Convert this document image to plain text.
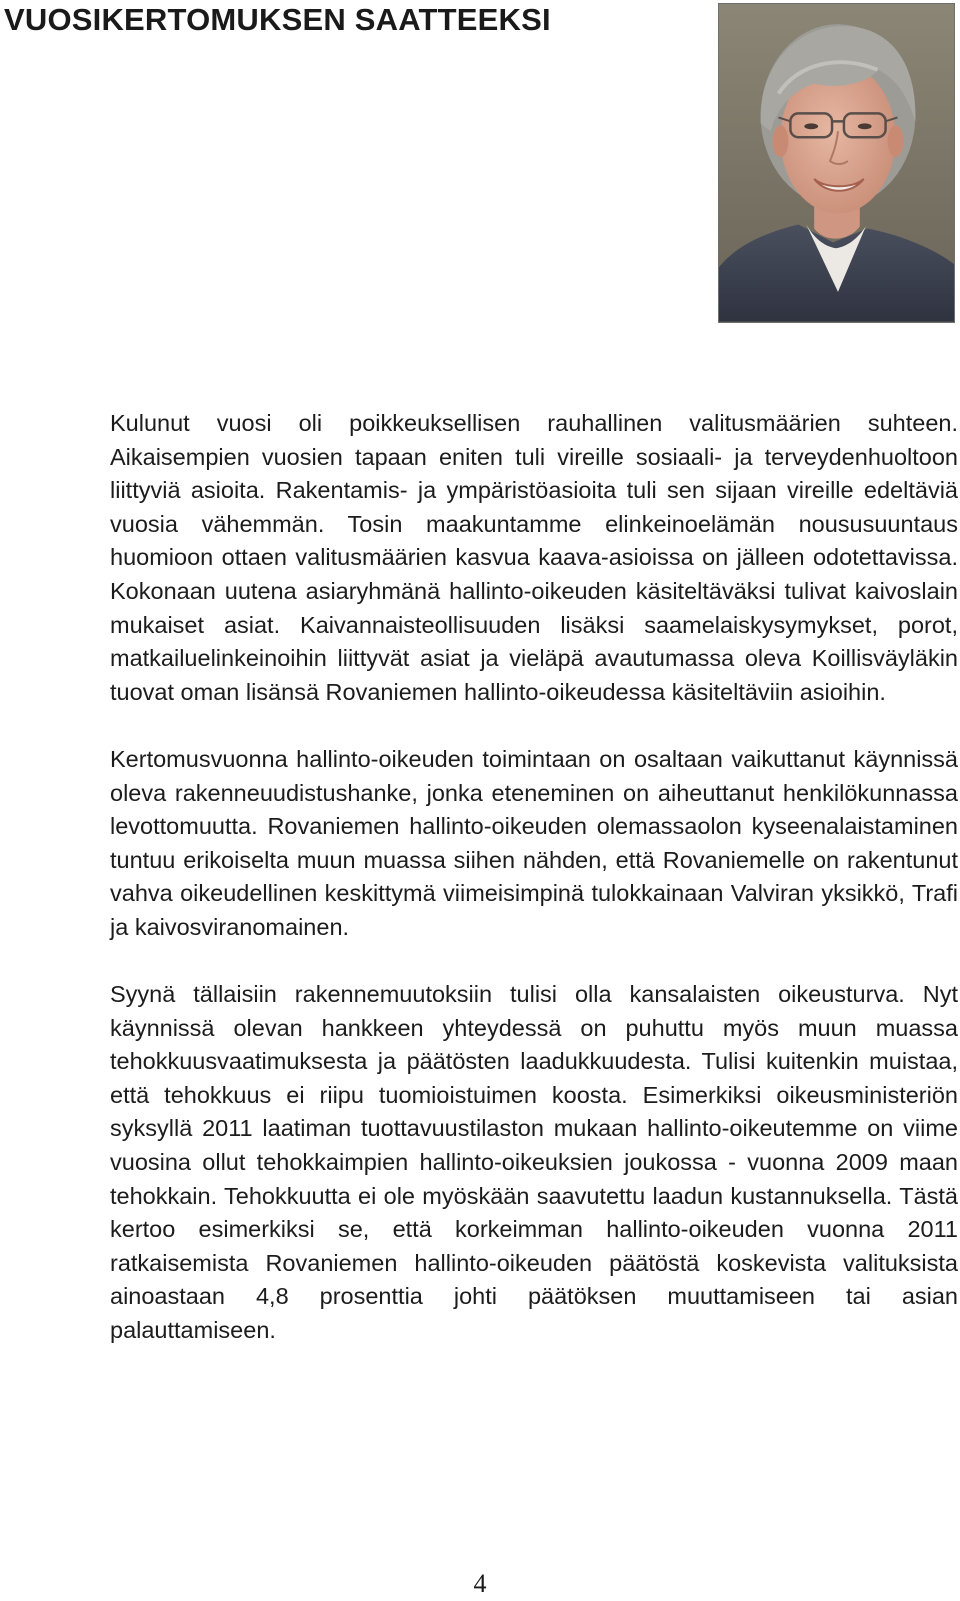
VUOSIKERTOMUKSEN SAATTEEKSI

Kulunut vuosi oli poikkeuksellisen rauhallinen valitusmäärien suhteen. Aikaisempien vuosien tapaan eniten tuli vireille sosiaali- ja terveydenhuoltoon liittyviä asioita. Rakentamis- ja ympäristöasioita tuli sen sijaan vireille edeltäviä vuosia vähemmän. Tosin maakuntamme elinkeinoelämän noususuuntaus huomioon ottaen valitusmäärien kasvua kaava-asioissa on jälleen odotettavissa. Kokonaan uutena asiaryhmänä hallinto-oikeuden käsiteltäväksi tulivat kaivoslain mukaiset asiat. Kaivannaisteollisuuden lisäksi saamelaiskysymykset, porot, matkailuelinkeinoihin liittyvät asiat ja vieläpä avautumassa oleva Koillisväyläkin tuovat oman lisänsä Rovaniemen hallinto-oikeudessa käsiteltäviin asioihin.

Kertomusvuonna hallinto-oikeuden toimintaan on osaltaan vaikuttanut käynnissä oleva rakenneuudistushanke, jonka eteneminen on aiheuttanut henkilökunnassa levottomuutta. Rovaniemen hallinto-oikeuden olemassaolon kyseenalaistaminen tuntuu erikoiselta muun muassa siihen nähden, että Rovaniemelle on rakentunut vahva oikeudellinen keskittymä viimeisimpinä tulokkainaan Valviran yksikkö, Trafi ja kaivosviranomainen.

Syynä tällaisiin rakennemuutoksiin tulisi olla kansalaisten oikeusturva. Nyt käynnissä olevan hankkeen yhteydessä on puhuttu myös muun muassa tehokkuusvaatimuksesta ja päätösten laadukkuudesta. Tulisi kuitenkin muistaa, että tehokkuus ei riipu tuomioistuimen koosta. Esimerkiksi oikeusministeriön syksyllä 2011 laatiman tuottavuustilaston mukaan hallinto-oikeutemme on viime vuosina ollut tehokkaimpien hallinto-oikeuksien joukossa - vuonna 2009 maan tehokkain. Tehokkuutta ei ole myöskään saavutettu laadun kustannuksella. Tästä kertoo esimerkiksi se, että korkeimman hallinto-oikeuden vuonna 2011 ratkaisemista Rovaniemen hallinto-oikeuden päätöstä koskevista valituksista ainoastaan 4,8 prosenttia johti päätöksen muuttamiseen tai asian palauttamiseen.

4
